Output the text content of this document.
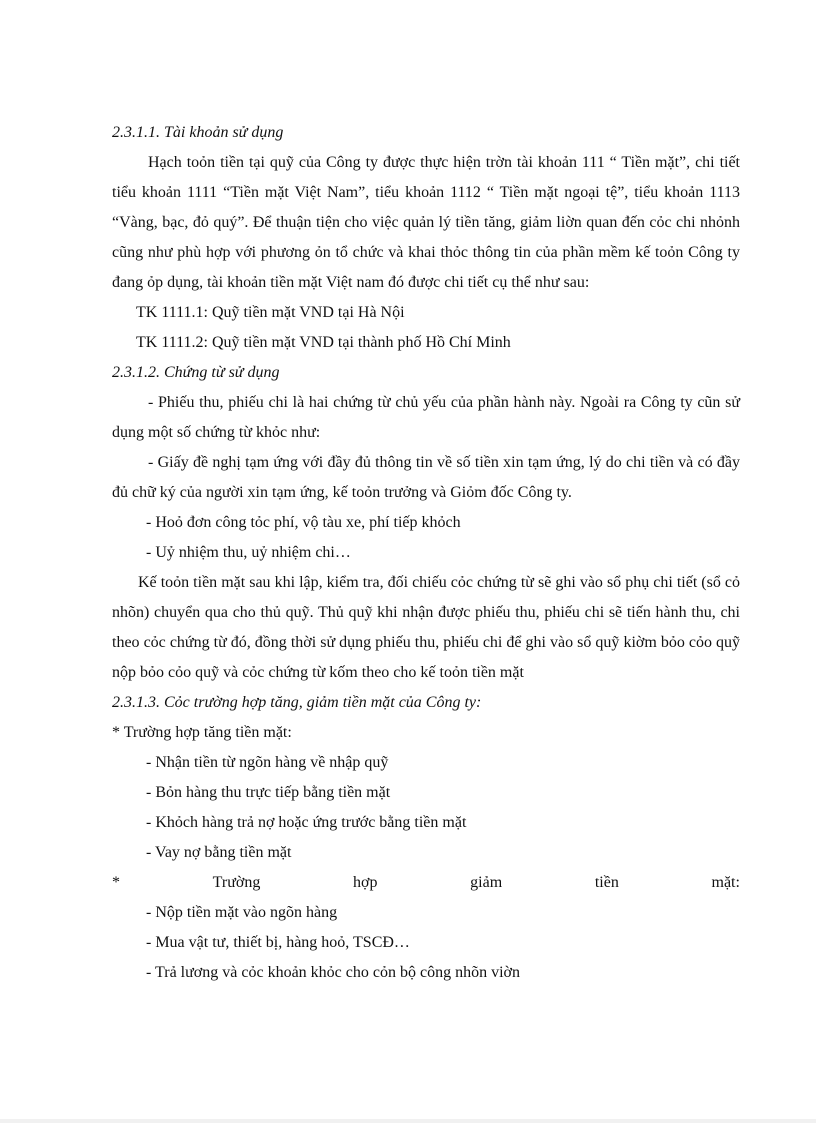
2.3.1.1. Tài khoản sử dụng

Hạch toỏn tiền tại quỹ của Công ty được thực hiện trờn tài khoản 111 “ Tiền mặt”, chi tiết tiểu khoản 1111 “Tiền mặt Việt Nam”, tiểu khoản 1112 “ Tiền mặt ngoại tệ”, tiểu khoản 1113 “Vàng, bạc, đỏ quý”. Để thuận tiện cho việc quản lý tiền tăng, giảm liờn quan đến cỏc chi nhỏnh cũng như phù hợp với phương ỏn tổ chức và khai thỏc thông tin của phần mềm kế toỏn Công ty đang ỏp dụng, tài khoản tiền mặt Việt nam đó được chi tiết cụ thể như sau:

TK 1111.1: Quỹ tiền mặt VND tại Hà Nội

TK 1111.2: Quỹ tiền mặt VND tại thành phố Hồ Chí Minh

2.3.1.2. Chứng từ sử dụng

- Phiếu thu, phiếu chi là hai chứng từ chủ yếu của phần hành này. Ngoài ra Công ty cũn sử dụng một số chứng từ khỏc như:

- Giấy đề nghị tạm ứng với đầy đủ thông tin về số tiền xin tạm ứng, lý do chi tiền và có đầy đủ chữ ký của người xin tạm ứng, kế toỏn trưởng và Giỏm đốc Công ty.

- Hoỏ đơn công tỏc phí, vộ tàu xe, phí tiếp khỏch

- Uỷ nhiệm thu, uỷ nhiệm chi…

Kế toỏn tiền mặt sau khi lập, kiểm tra, đối chiếu cỏc chứng từ sẽ ghi vào sổ phụ chi tiết (sổ cỏ nhõn) chuyển qua cho thủ quỹ. Thủ quỹ khi nhận được phiếu thu, phiếu chi sẽ tiến hành thu, chi theo cỏc chứng từ đó, đồng thời sử dụng phiếu thu, phiếu chi để ghi vào sổ quỹ kiờm bỏo cỏo quỹ nộp bỏo cỏo quỹ và cỏc chứng từ kốm theo cho kế toỏn tiền mặt

2.3.1.3. Cỏc trường hợp tăng, giảm tiền mặt của Công ty:

* Trường hợp tăng tiền mặt:

- Nhận tiền từ ngõn hàng về nhập quỹ

- Bỏn hàng thu trực tiếp bằng tiền mặt

- Khỏch hàng trả nợ hoặc ứng trước bằng tiền mặt

- Vay nợ bằng tiền mặt

*	Trường	hợp	giảm	tiền	mặt:

- Nộp tiền mặt vào ngõn hàng

- Mua vật tư, thiết bị, hàng hoỏ, TSCĐ…

- Trả lương và cỏc khoản khỏc cho cỏn bộ công nhõn viờn
